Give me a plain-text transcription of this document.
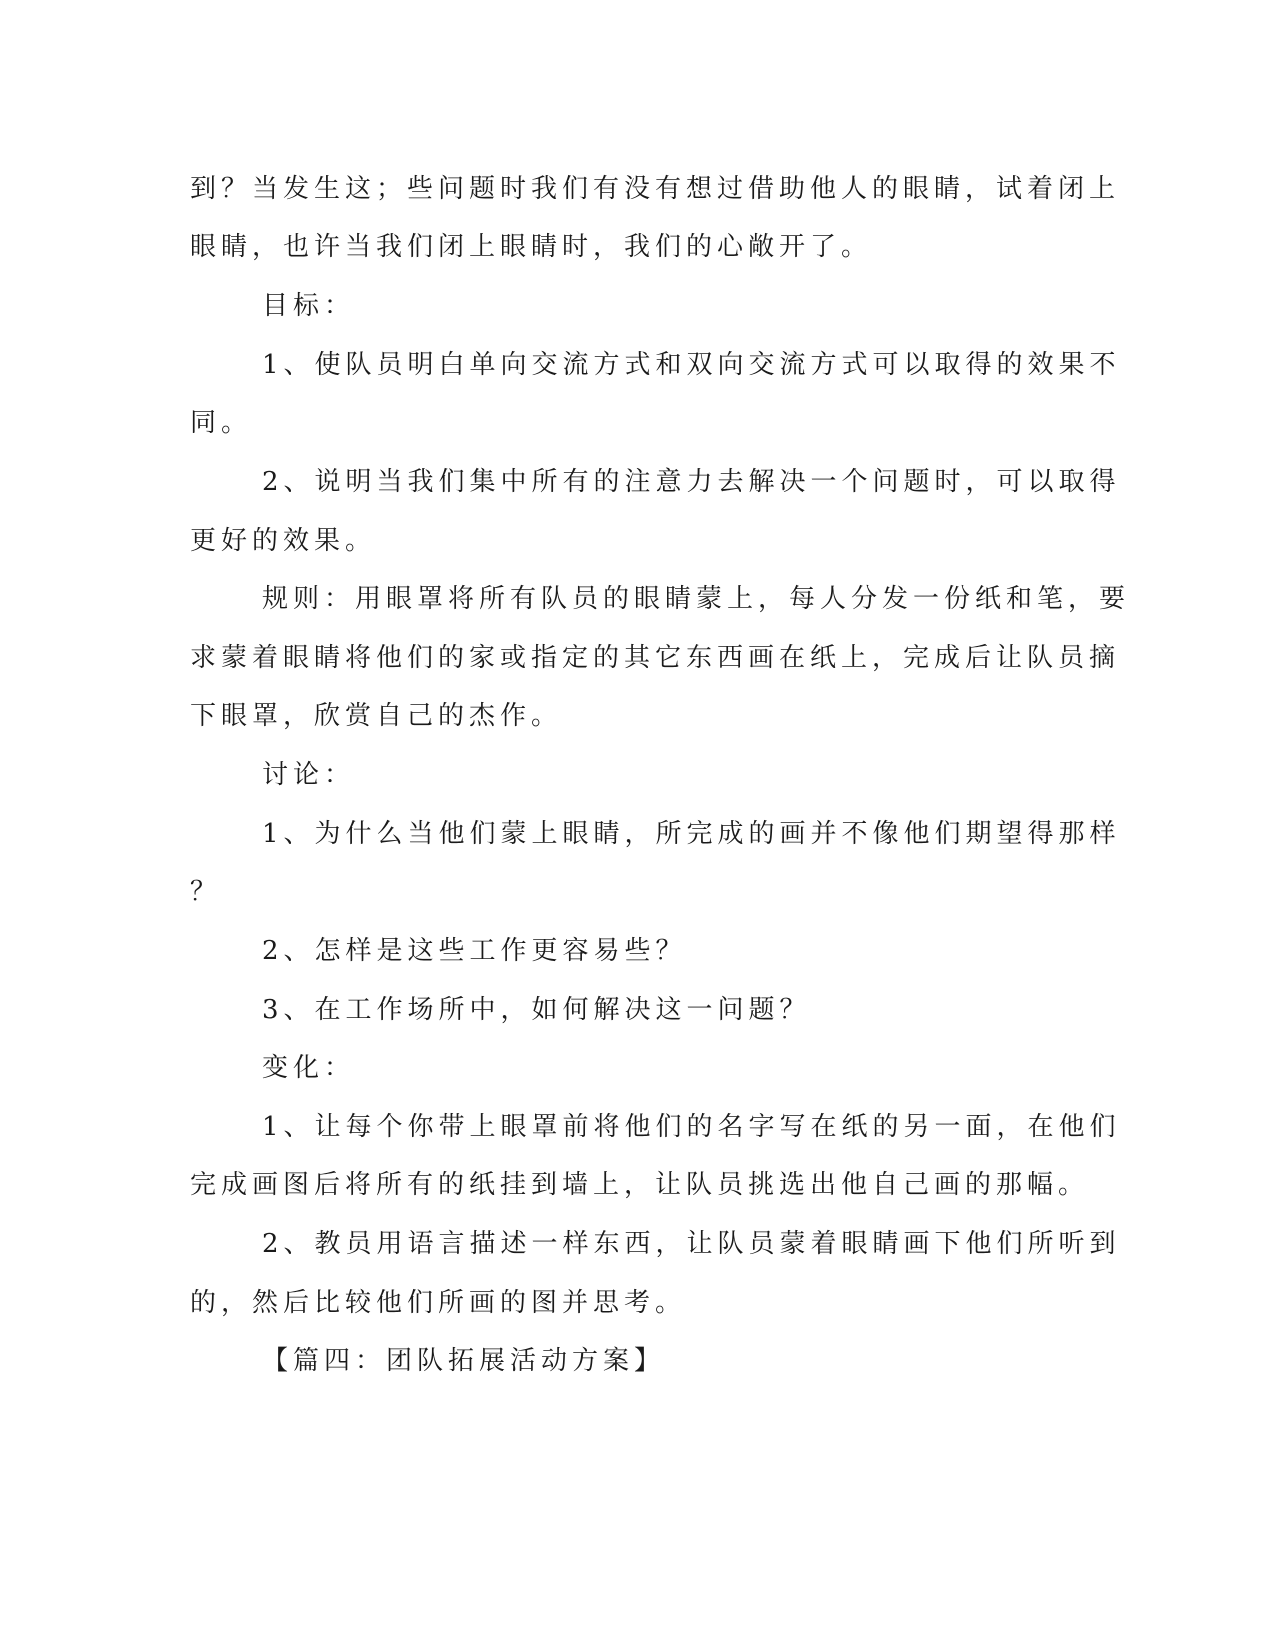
到？当发生这；些问题时我们有没有想过借助他人的眼睛，试着闭上
眼睛，也许当我们闭上眼睛时，我们的心敞开了。
目标：
1、使队员明白单向交流方式和双向交流方式可以取得的效果不
同。
2、说明当我们集中所有的注意力去解决一个问题时，可以取得
更好的效果。
规则：用眼罩将所有队员的眼睛蒙上，每人分发一份纸和笔，要
求蒙着眼睛将他们的家或指定的其它东西画在纸上，完成后让队员摘
下眼罩，欣赏自己的杰作。
讨论：
1、为什么当他们蒙上眼睛，所完成的画并不像他们期望得那样
？
2、怎样是这些工作更容易些？
3、在工作场所中，如何解决这一问题？
变化：
1、让每个你带上眼罩前将他们的名字写在纸的另一面，在他们
完成画图后将所有的纸挂到墙上，让队员挑选出他自己画的那幅。
2、教员用语言描述一样东西，让队员蒙着眼睛画下他们所听到
的，然后比较他们所画的图并思考。
【篇四：团队拓展活动方案】
